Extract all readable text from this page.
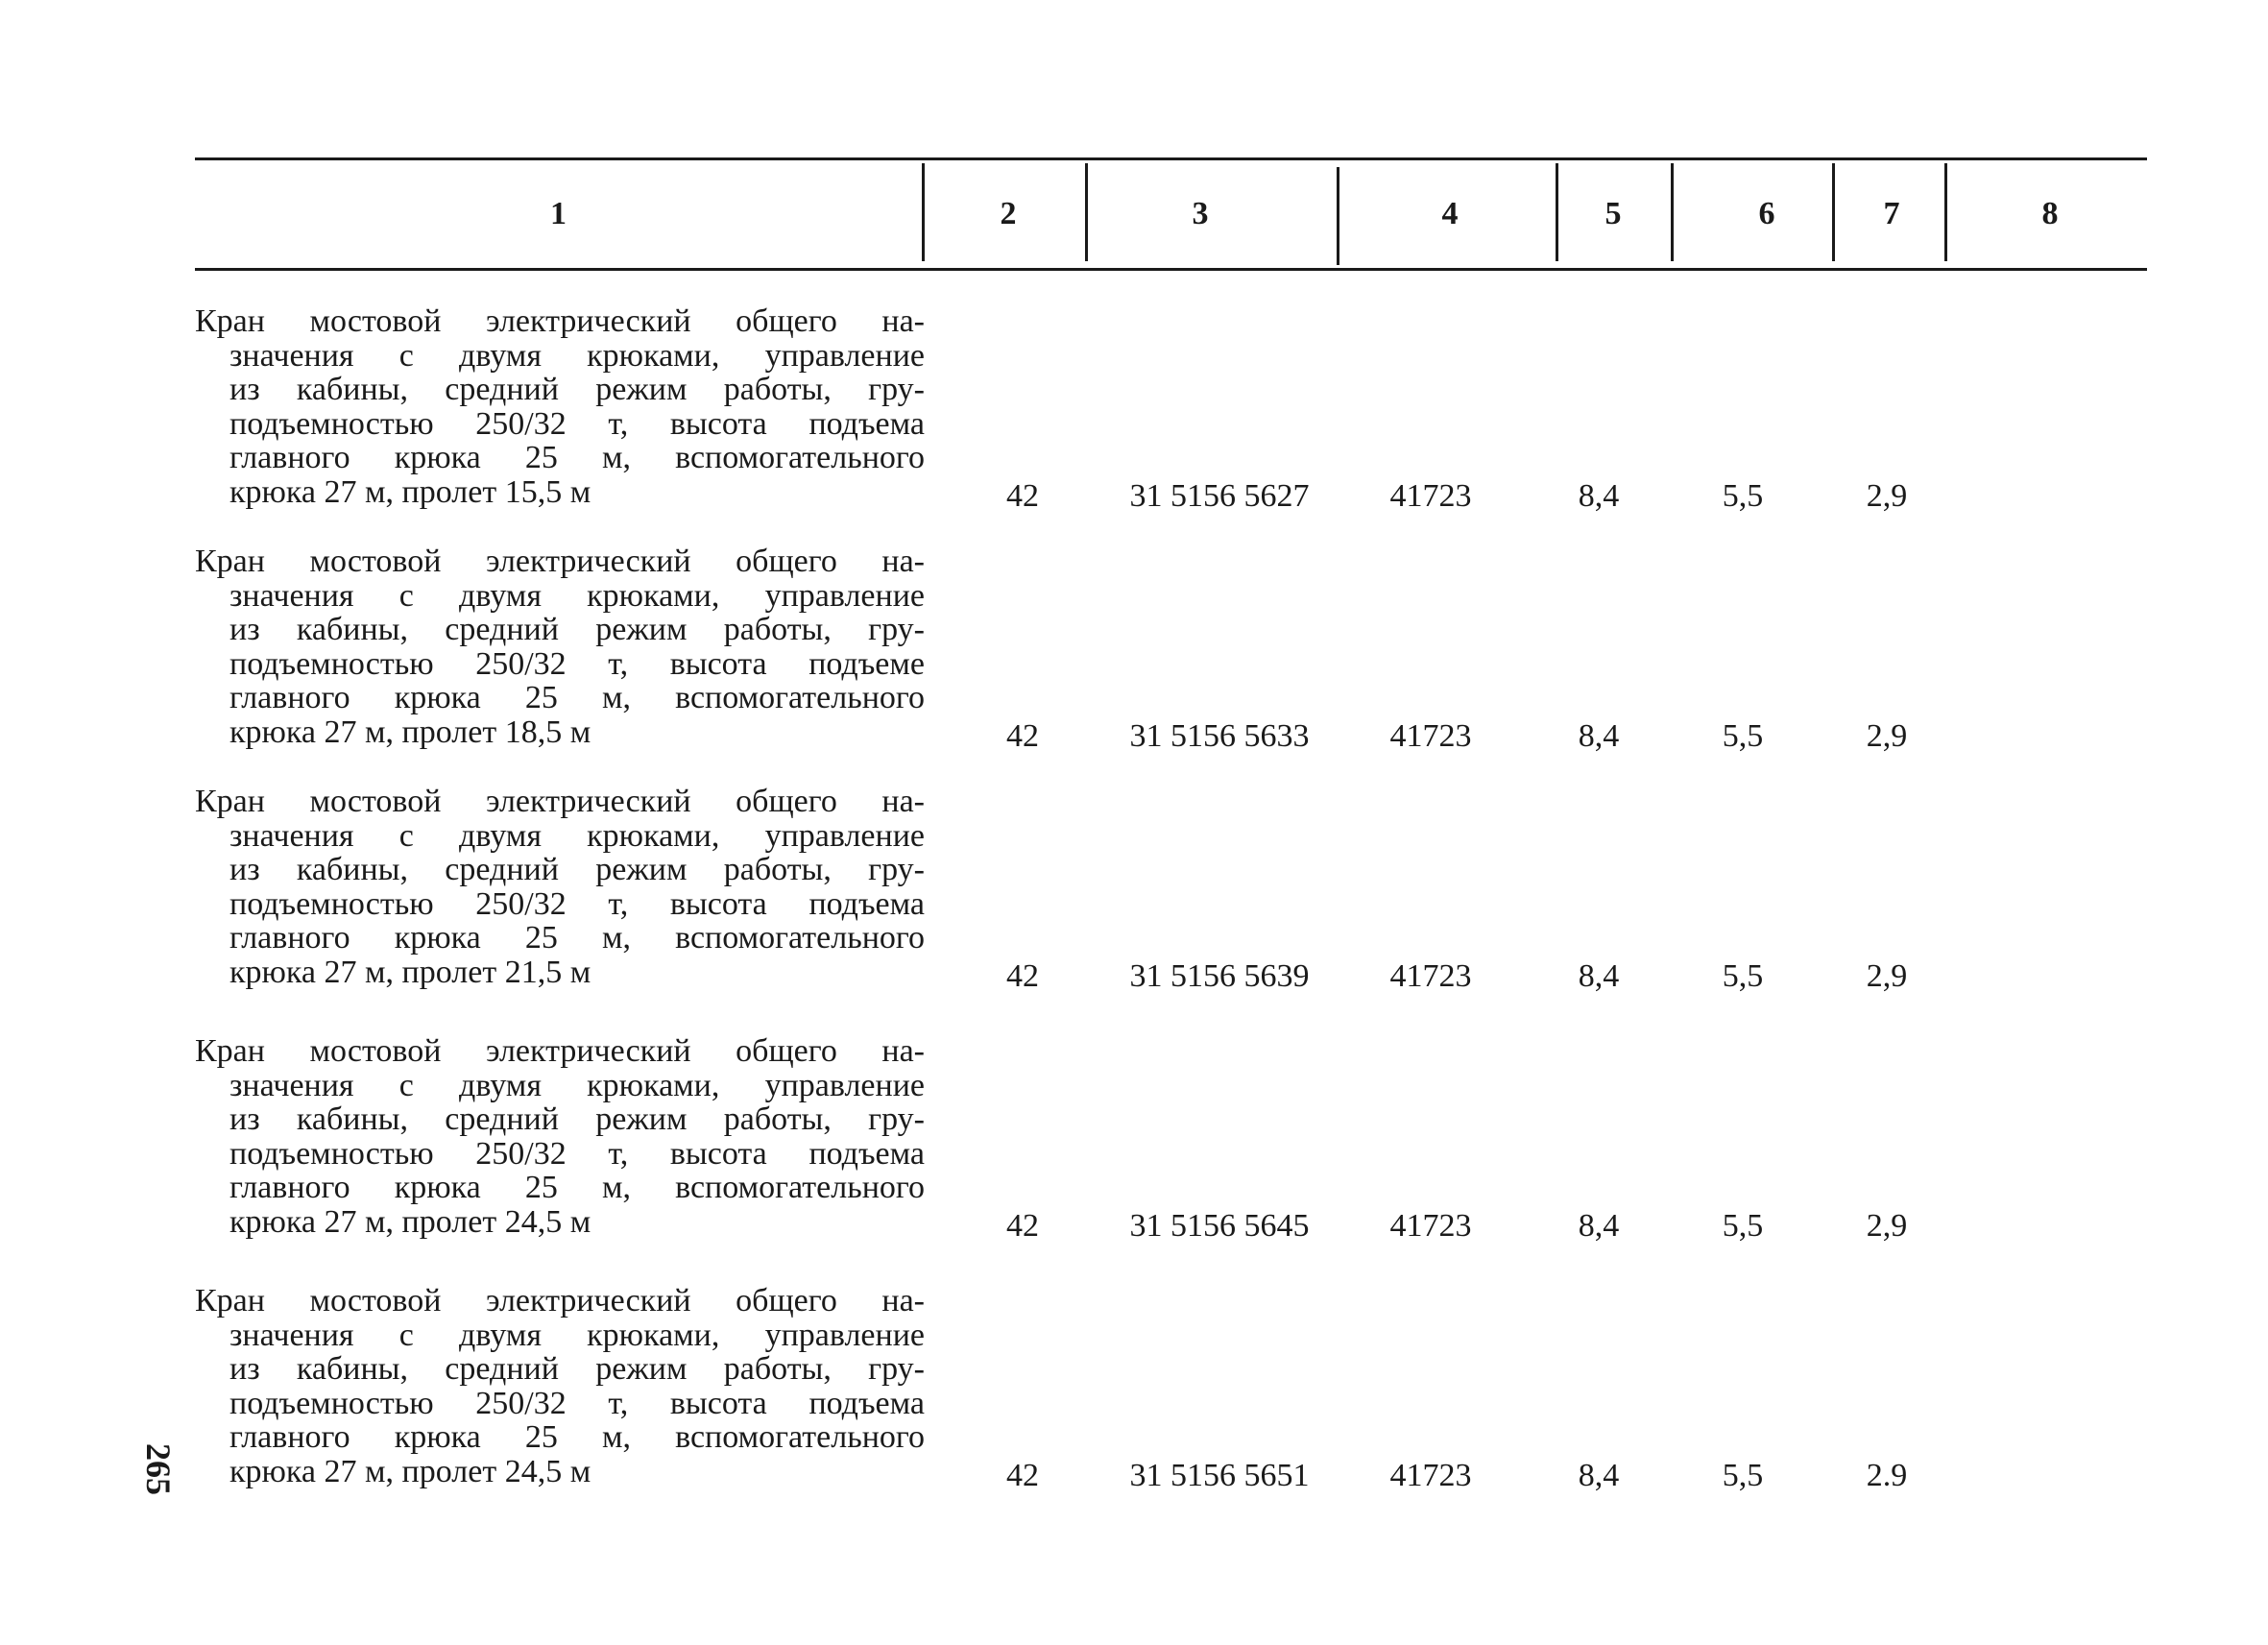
1	2	3	4	5	6	7	8
Кран мостовой электрический общего на-
значения с двумя крюками, управление
из кабины, средний режим работы, гру-
подъемностью 250/32 т, высота подъема
главного крюка 25 м, вспомогательного
крюка 27 м, пролет 15,5 м	42	31 5156 5627	41723	8,4	5,5	2,9
Кран мостовой электрический общего на-
значения с двумя крюками, управление
из кабины, средний режим работы, гру-
подъемностью 250/32 т, высота подъеме
главного крюка 25 м, вспомогательного
крюка 27 м, пролет 18,5 м	42	31 5156 5633	41723	8,4	5,5	2,9
Кран мостовой электрический общего на-
значения с двумя крюками, управление
из кабины, средний режим работы, гру-
подъемностью 250/32 т, высота подъема
главного крюка 25 м, вспомогательного
крюка 27 м, пролет 21,5 м	42	31 5156 5639	41723	8,4	5,5	2,9
Кран мостовой электрический общего на-
значения с двумя крюками, управление
из кабины, средний режим работы, гру-
подъемностью 250/32 т, высота подъема
главного крюка 25 м, вспомогательного
крюка 27 м, пролет 24,5 м	42	31 5156 5645	41723	8,4	5,5	2,9
Кран мостовой электрический общего на-
значения с двумя крюками, управление
из кабины, средний режим работы, гру-
подъемностью 250/32 т, высота подъема
главного крюка 25 м, вспомогательного
крюка 27 м, пролет 24,5 м	42	31 5156 5651	41723	8,4	5,5	2.9
265
